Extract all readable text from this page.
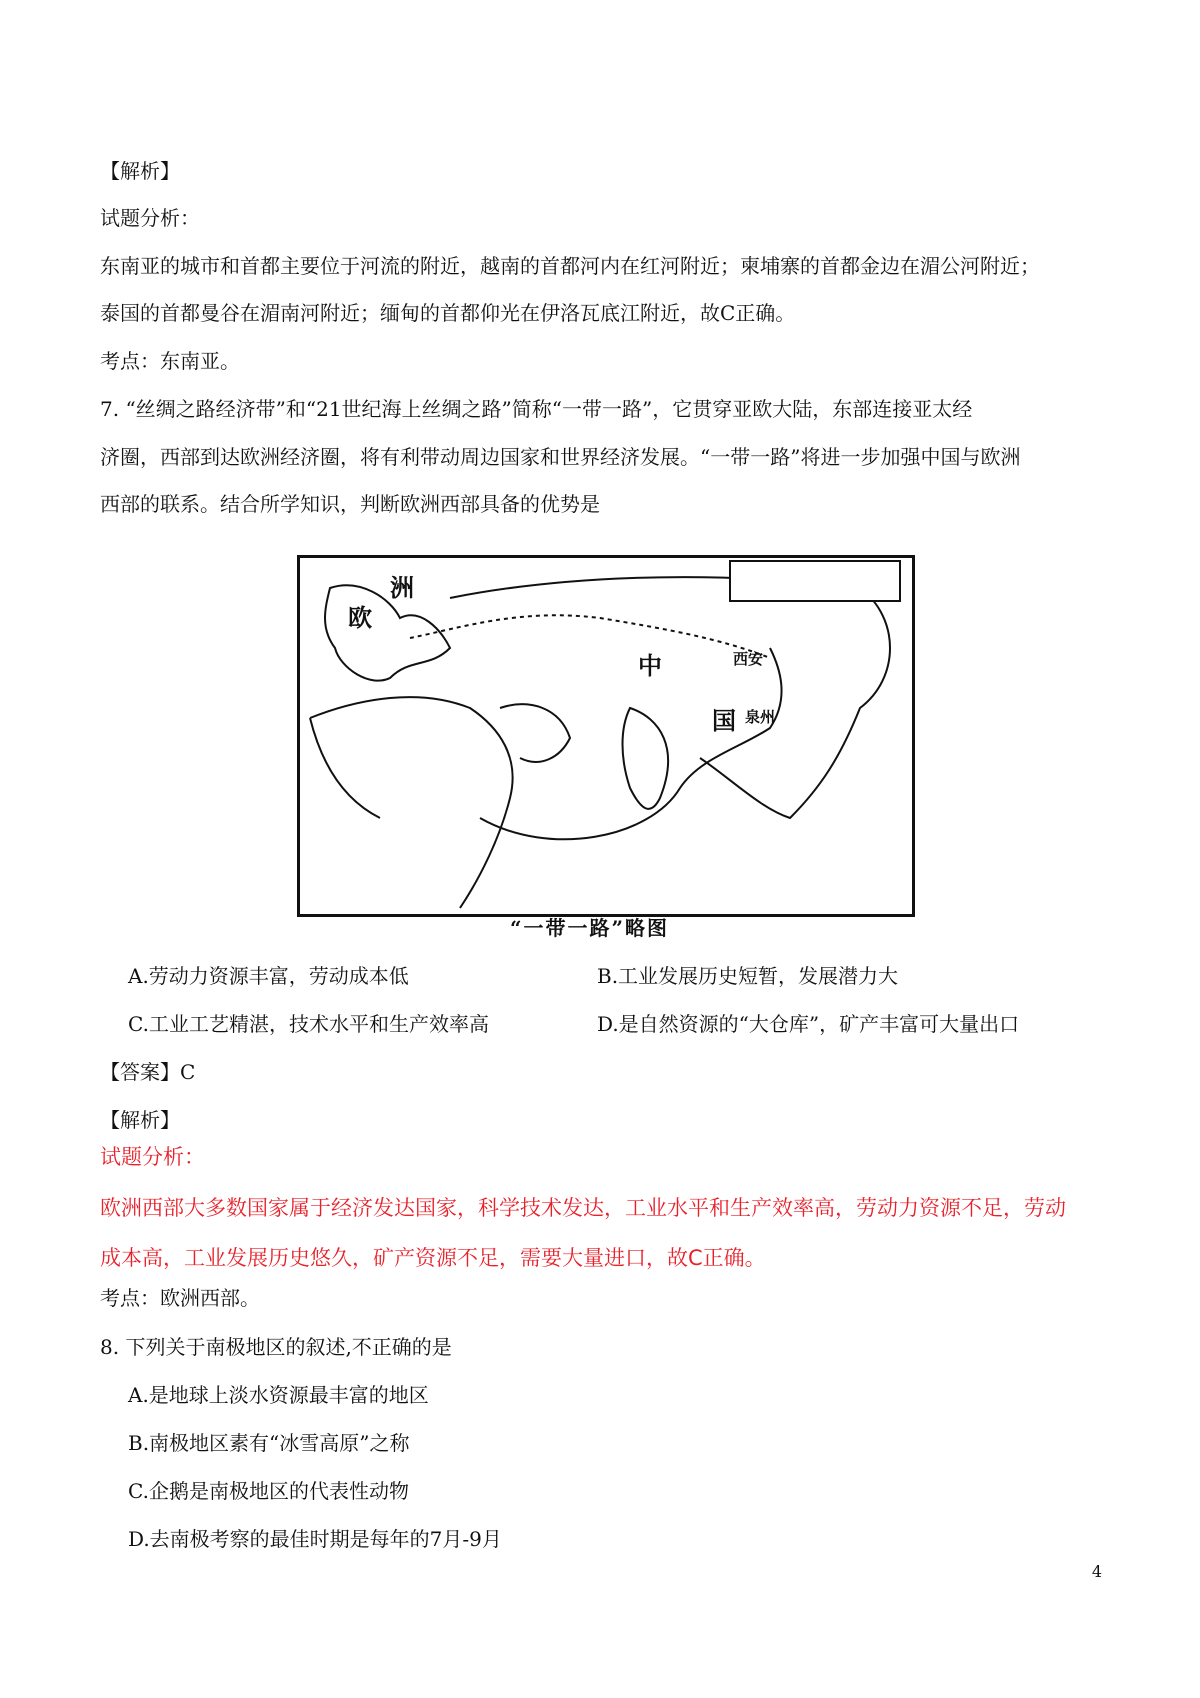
【解析】
试题分析：
东南亚的城市和首都主要位于河流的附近，越南的首都河内在红河附近；柬埔寨的首都金边在湄公河附近；
泰国的首都曼谷在湄南河附近；缅甸的首都仰光在伊洛瓦底江附近，故C正确。
考点：东南亚。
7. “丝绸之路经济带”和“21世纪海上丝绸之路”简称“一带一路”，它贯穿亚欧大陆，东部连接亚太经
济圈，西部到达欧洲经济圈，将有利带动周边国家和世界经济发展。“一带一路”将进一步加强中国与欧洲
西部的联系。结合所学知识，判断欧洲西部具备的优势是
欧
洲
中
国
西安
泉州
“一带一路”略图
A.劳动力资源丰富，劳动成本低	B.工业发展历史短暂，发展潜力大
C.工业工艺精湛，技术水平和生产效率高	D.是自然资源的“大仓库”，矿产丰富可大量出口
【答案】C
【解析】
试题分析：
欧洲西部大多数国家属于经济发达国家，科学技术发达，工业水平和生产效率高，劳动力资源不足，劳动
成本高，工业发展历史悠久，矿产资源不足，需要大量进口，故C正确。
考点：欧洲西部。
8. 下列关于南极地区的叙述,不正确的是
A.是地球上淡水资源最丰富的地区
B.南极地区素有“冰雪高原”之称
C.企鹅是南极地区的代表性动物
D.去南极考察的最佳时期是每年的7月-9月
4
